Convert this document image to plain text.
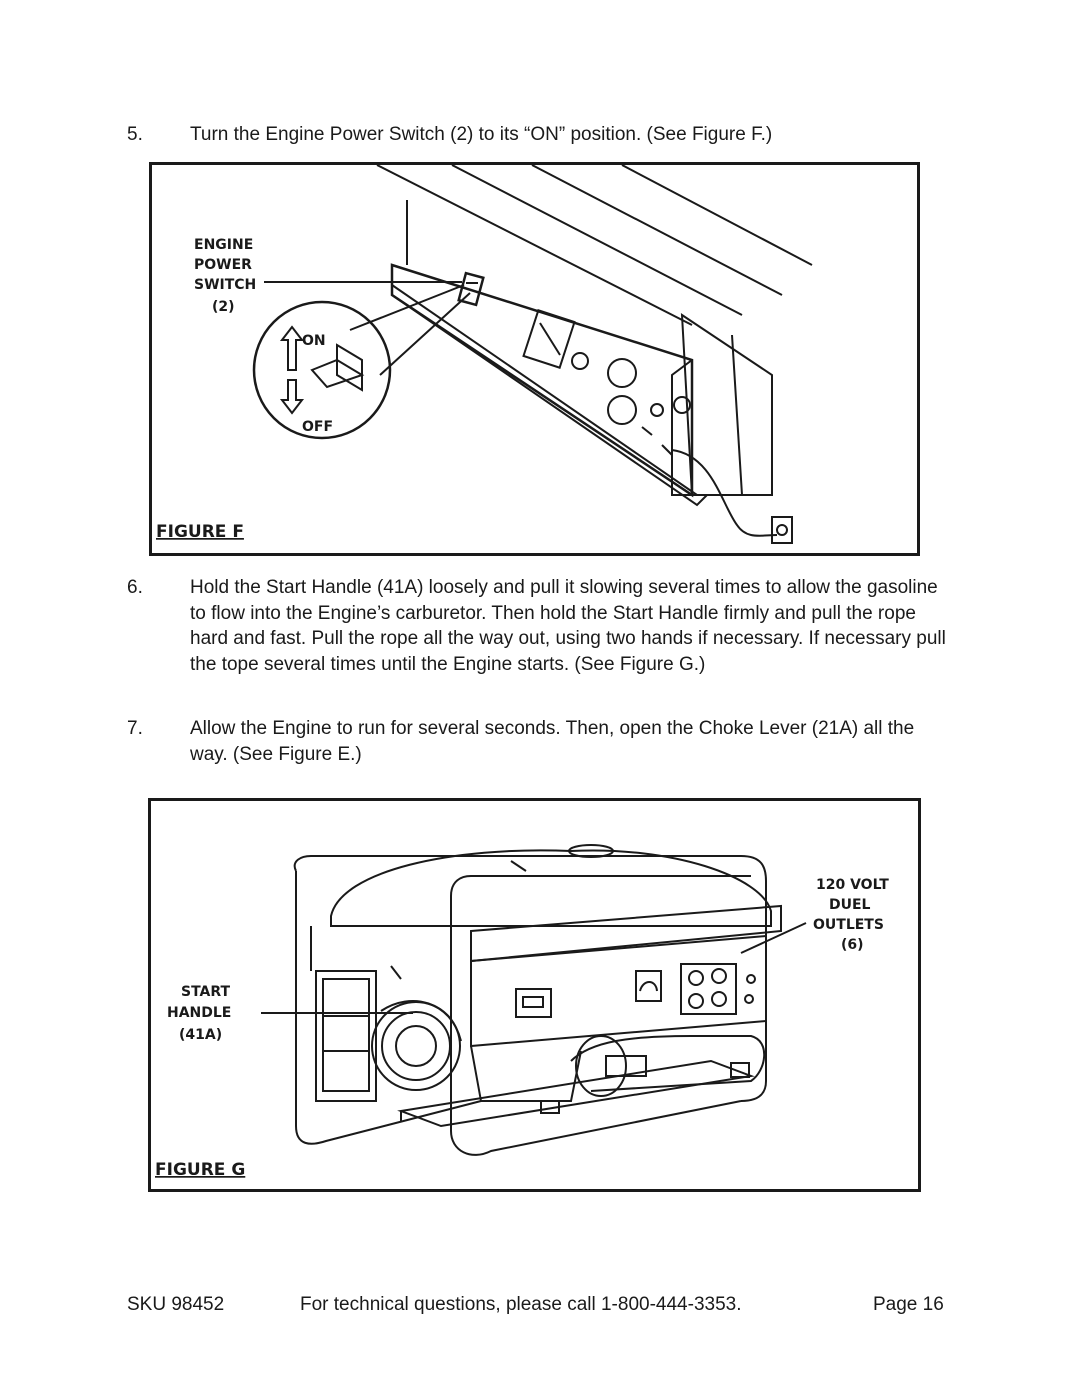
5. Turn the Engine Power Switch (2) to its “ON” position. (See Figure F.)
ENGINE
POWER
SWITCH
(2)
ON
OFF
FIGURE F
6. Hold the Start Handle (41A) loosely and pull it slowing several times to allow the gasoline to flow into the Engine’s carburetor. Then hold the Start Handle firmly and pull the rope hard and fast. Pull the rope all the way out, using two hands if necessary. If necessary pull the tope several times until the Engine starts. (See Figure G.)
7. Allow the Engine to run for several seconds. Then, open the Choke Lever (21A) all the way. (See Figure E.)
START
HANDLE
(41A)
120 VOLT
DUEL
OUTLETS
(6)
FIGURE G
SKU 98452	For technical questions, please call 1-800-444-3353.	Page 16
